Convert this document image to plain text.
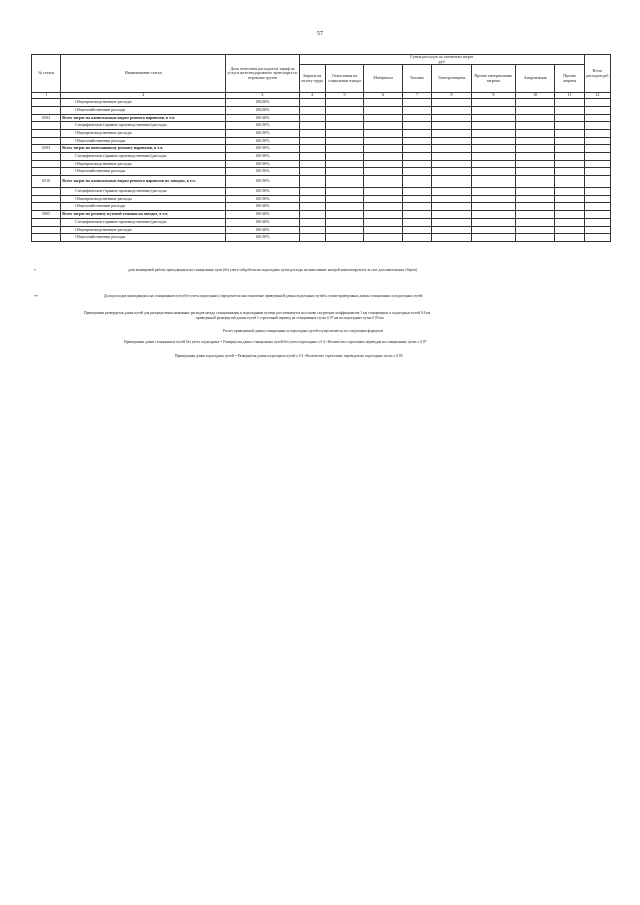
57
№ статьи	Наименование статьи	Доля отнесения расходов на тариф на услуги железнодорожного транспорта по перевозке грузов	Сумма расходов по элементам затрат
руб								Всего расходов руб
			Затраты на оплату труда	Отчисления на социальные нужды	Материалы	Топливо	Электроэнергия	Прочие материальные затраты	Амортизация	Прочие затраты	
1	2	3	4	5	6	7	8	9	10	11	12
	Общепроизводственные расходы	100,00%									
	Общехозяйственные расходы	100,00%									
6502	Всего затрат по капитальным видам ремонта паровозов, в т.ч.	100 00%									
	Специфические (прямые производственные) расходы	100 00%									
	Общепроизводственные расходы	100 00%									
	Общехозяйственные расходы	100 00%									
6503	Всего затрат по внеплановому ремонту паровозов, в т.ч.	100 00%									
	Специфические (прямые производственные) расходы	100 00%									
	Общепроизводственные расходы	100 00%									
	Общехозяйственные расходы	100 00%									
6510	Всего затрат по капитальным видам ремонта паровозов по заводам, в т.ч.	100 00%									
	Специфические (прямые производственные) расходы	100 00%									
	Общепроизводственные расходы	100 00%									
	Общехозяйственные расходы	100 00%									
5005	Всего затрат по ремонту путевой техники на заводах, в т.ч.	100 00%									
	Специфические (прямые производственные) расходы	100 00%									
	Общепроизводственные расходы	100 00%									
	Общехозяйственные расходы	100 00%									
*	доля маневровой работы приходящаяся на станционные пути (без учета той работы на подъездных путях расходы на выполнение которой компенсируются за счет дополнительных сборов)
**	Доля расходов приходящаяся на станционные пути (без учета подъездных) определяется как отношение приведенной длины подъездных путей к сумме приведенных длины станционных и подъездных путей
Приведенная развернутая длина путей для распределения названных расходов между станционными и подъездными путями рассчитывается на основе следующих коэффициентов 1 км станционных и подъездных путей 0 4 км
приведенной развернутой длины путей 1 стрелочный перевод на станционных путях 0 07 км на подъездных путях 0 05 км
Расчет приведенной длины станционных и подъездных путей осуществляется по следующим формулам
Приведенная длина станционных путей без учета подъездных = Развернутая длина станционных путей без учета подъездных x 0 4 +Количество стрелочных переводов на станционных путях x 0 07
Приведенная длина подъездных путей = Развернутая длина подъездных путей x 0 4 +Количество стрелочных переводов на подъездных путях x 0 05
